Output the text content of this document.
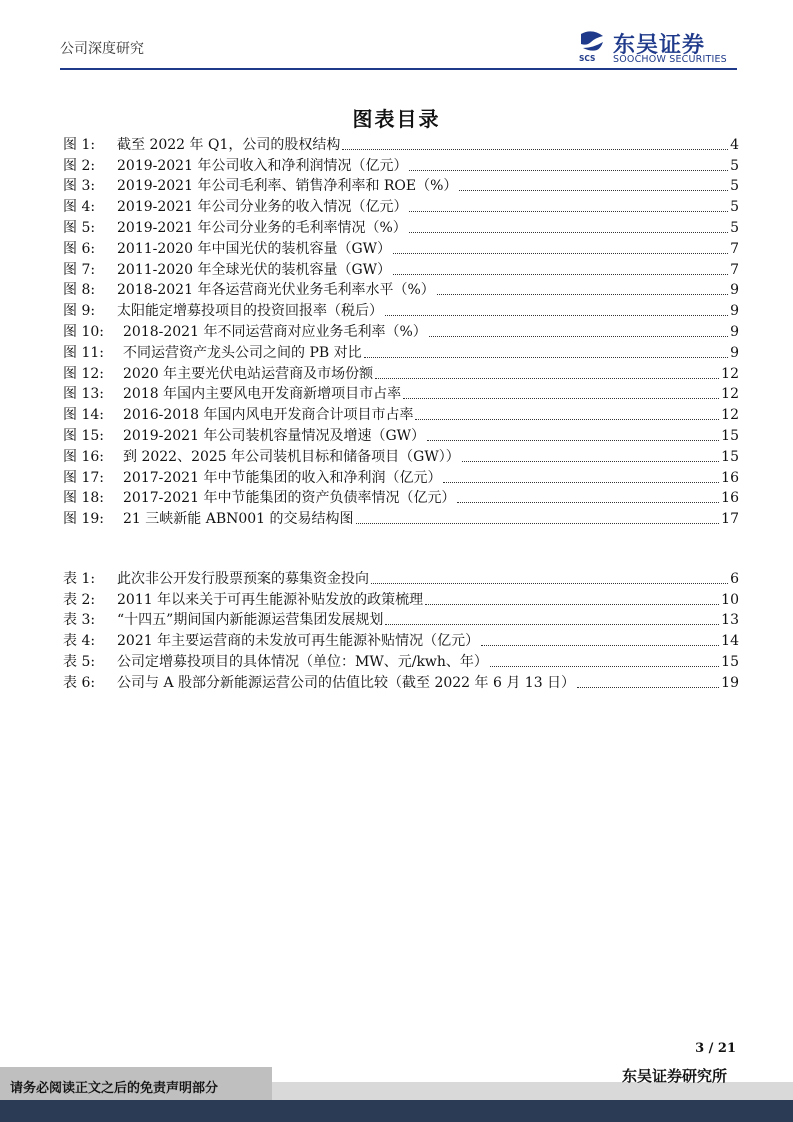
公司深度研究
SCS
东吴证券
SOOCHOW SECURITIES
图表目录
图 1:	截至 2022 年 Q1，公司的股权结构	4
图 2:	2019-2021 年公司收入和净利润情况（亿元）	5
图 3:	2019-2021 年公司毛利率、销售净利率和 ROE（%）	5
图 4:	2019-2021 年公司分业务的收入情况（亿元）	5
图 5:	2019-2021 年公司分业务的毛利率情况（%）	5
图 6:	2011-2020 年中国光伏的装机容量（GW）	7
图 7:	2011-2020 年全球光伏的装机容量（GW）	7
图 8:	2018-2021 年各运营商光伏业务毛利率水平（%）	9
图 9:	太阳能定增募投项目的投资回报率（税后）	9
图 10:	2018-2021 年不同运营商对应业务毛利率（%）	9
图 11:	不同运营资产龙头公司之间的 PB 对比	9
图 12:	2020 年主要光伏电站运营商及市场份额	12
图 13:	2018 年国内主要风电开发商新增项目市占率	12
图 14:	2016-2018 年国内风电开发商合计项目市占率	12
图 15:	2019-2021 年公司装机容量情况及增速（GW）	15
图 16:	到 2022、2025 年公司装机目标和储备项目（GW））	15
图 17:	2017-2021 年中节能集团的收入和净利润（亿元）	16
图 18:	2017-2021 年中节能集团的资产负债率情况（亿元）	16
图 19:	21 三峡新能 ABN001 的交易结构图	17
表 1:	此次非公开发行股票预案的募集资金投向	6
表 2:	2011 年以来关于可再生能源补贴发放的政策梳理	10
表 3:	“十四五”期间国内新能源运营集团发展规划	13
表 4:	2021 年主要运营商的未发放可再生能源补贴情况（亿元）	14
表 5:	公司定增募投项目的具体情况（单位：MW、元/kwh、年）	15
表 6:	公司与 A 股部分新能源运营公司的估值比较（截至 2022 年 6 月 13 日）	19
3 / 21
请务必阅读正文之后的免责声明部分
东吴证券研究所
